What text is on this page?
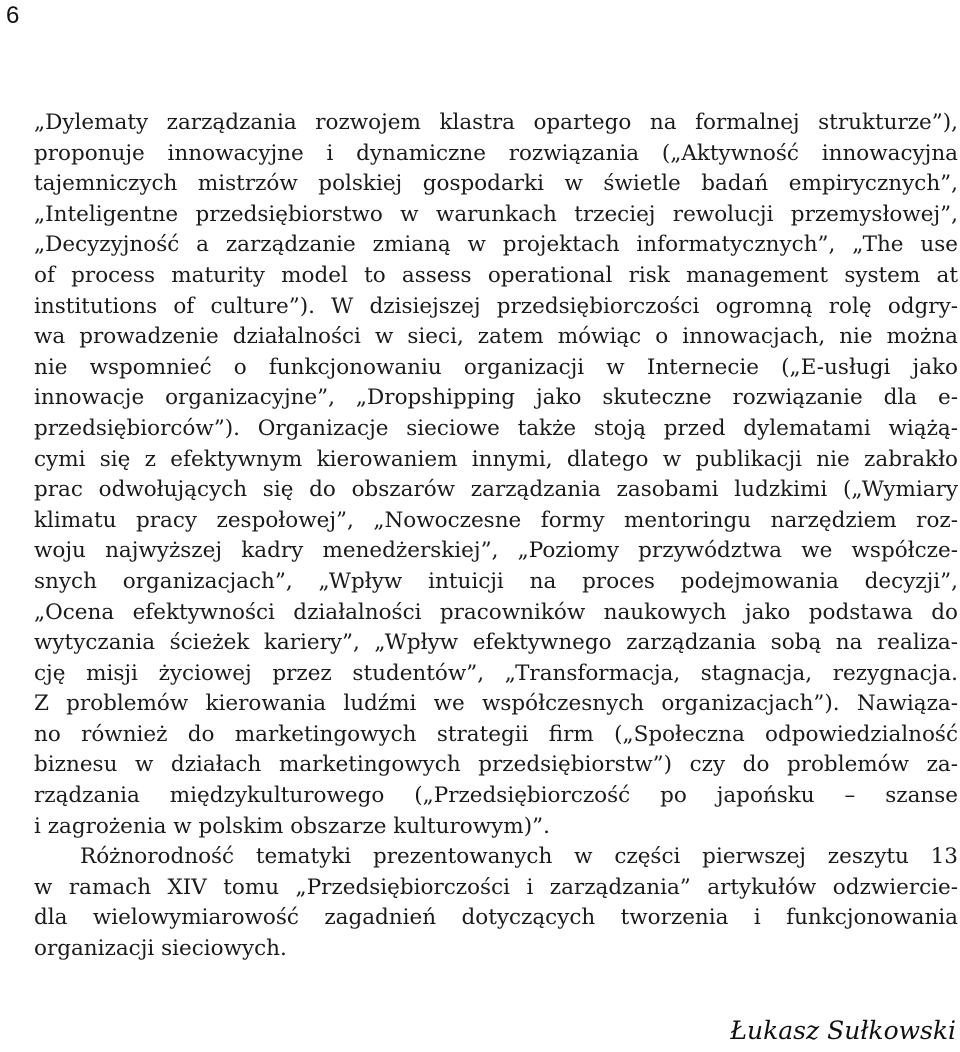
6
„Dylematy zarządzania rozwojem klastra opartego na formalnej strukturze”),
proponuje innowacyjne i dynamiczne rozwiązania („Aktywność innowacyjna
tajemniczych mistrzów polskiej gospodarki w świetle badań empirycznych”,
„Inteligentne przedsiębiorstwo w warunkach trzeciej rewolucji przemysłowej”,
„Decyzyjność a zarządzanie zmianą w projektach informatycznych”, „The use
of process maturity model to assess operational risk management system at
institutions of culture”). W dzisiejszej przedsiębiorczości ogromną rolę odgry-
wa prowadzenie działalności w sieci, zatem mówiąc o innowacjach, nie można
nie wspomnieć o funkcjonowaniu organizacji w Internecie („E-usługi jako
innowacje organizacyjne”, „Dropshipping jako skuteczne rozwiązanie dla e-
przedsiębiorców”). Organizacje sieciowe także stoją przed dylematami wiążą-
cymi się z efektywnym kierowaniem innymi, dlatego w publikacji nie zabrakło
prac odwołujących się do obszarów zarządzania zasobami ludzkimi („Wymiary
klimatu pracy zespołowej”, „Nowoczesne formy mentoringu narzędziem roz-
woju najwyższej kadry menedżerskiej”, „Poziomy przywództwa we współcze-
snych organizacjach”, „Wpływ intuicji na proces podejmowania decyzji”,
„Ocena efektywności działalności pracowników naukowych jako podstawa do
wytyczania ścieżek kariery”, „Wpływ efektywnego zarządzania sobą na realiza-
cję misji życiowej przez studentów”, „Transformacja, stagnacja, rezygnacja.
Z problemów kierowania ludźmi we współczesnych organizacjach”). Nawiąza-
no również do marketingowych strategii firm („Społeczna odpowiedzialność
biznesu w działach marketingowych przedsiębiorstw”) czy do problemów za-
rządzania międzykulturowego („Przedsiębiorczość po japońsku – szanse
i zagrożenia w polskim obszarze kulturowym)”.
Różnorodność tematyki prezentowanych w części pierwszej zeszytu 13
w ramach XIV tomu „Przedsiębiorczości i zarządzania” artykułów odzwiercie-
dla wielowymiarowość zagadnień dotyczących tworzenia i funkcjonowania
organizacji sieciowych.
Łukasz Sułkowski
